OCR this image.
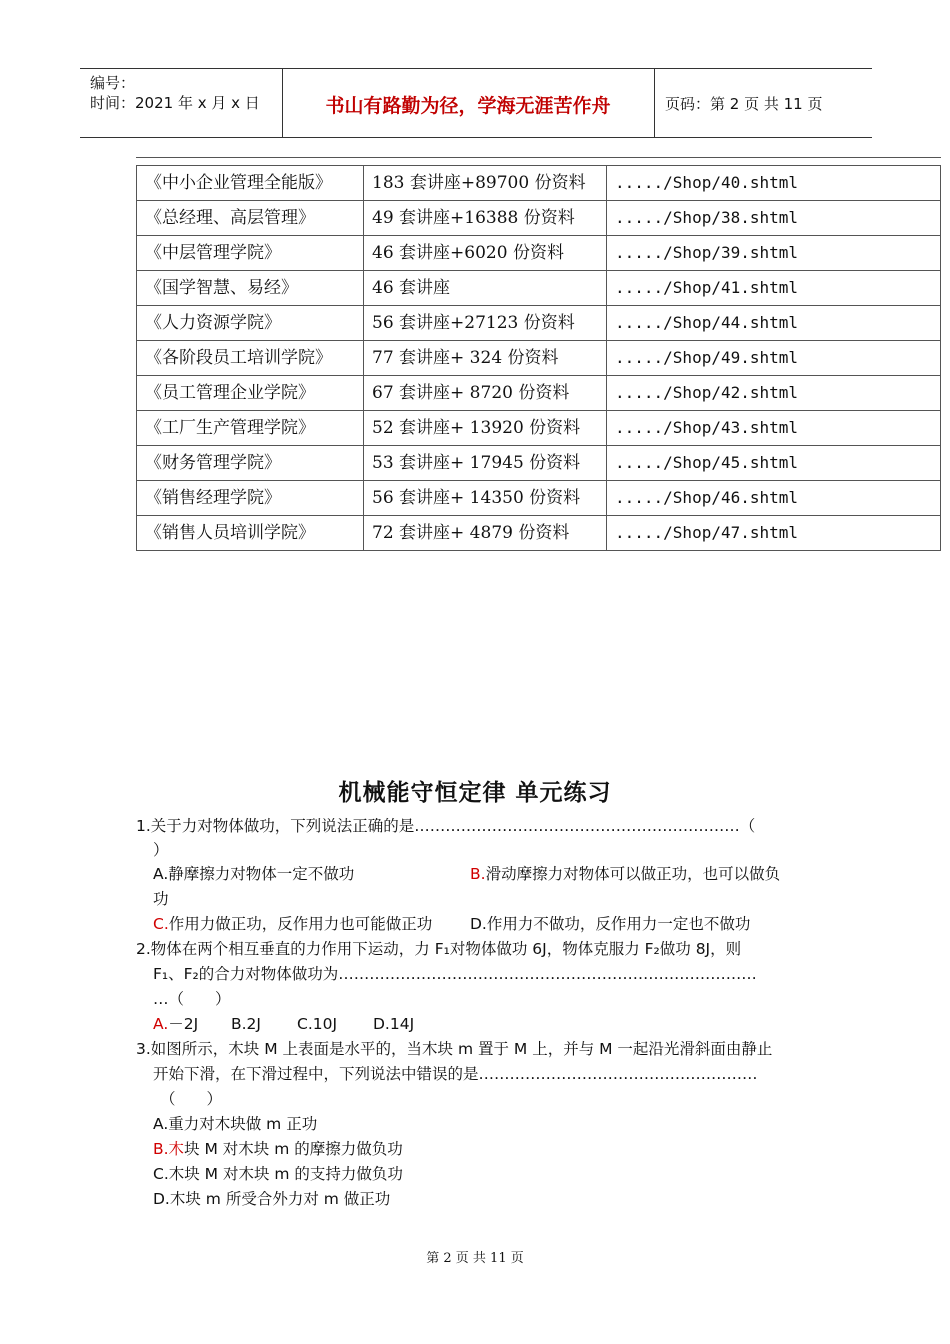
编号：
时间：2021 年 x 月 x 日	书山有路勤为径，学海无涯苦作舟	页码：第 2 页 共 11 页
《中小企业管理全能版》	183 套讲座+89700 份资料	...../Shop/40.shtml

《总经理、高层管理》	49 套讲座+16388 份资料	...../Shop/38.shtml

《中层管理学院》	46 套讲座+6020 份资料	...../Shop/39.shtml

《国学智慧、易经》	46 套讲座	...../Shop/41.shtml

《人力资源学院》	56 套讲座+27123 份资料	...../Shop/44.shtml

《各阶段员工培训学院》	77 套讲座+ 324 份资料	...../Shop/49.shtml

《员工管理企业学院》	67 套讲座+ 8720 份资料	...../Shop/42.shtml

《工厂生产管理学院》	52 套讲座+ 13920 份资料	...../Shop/43.shtml

《财务管理学院》	53 套讲座+ 17945 份资料	...../Shop/45.shtml

《销售经理学院》	56 套讲座+ 14350 份资料	...../Shop/46.shtml

《销售人员培训学院》	72 套讲座+ 4879 份资料	...../Shop/47.shtml
机械能守恒定律 单元练习
1.关于力对物体做功，下列说法正确的是………………………………………………………（
）
A.静摩擦力对物体一定不做功	B.滑动摩擦力对物体可以做正功，也可以做负
功
C.作用力做正功，反作用力也可能做正功 D.作用力不做功，反作用力一定也不做功
2.物体在两个相互垂直的力作用下运动，力 F₁对物体做功 6J，物体克服力 F₂做功 8J，则
F₁、F₂的合力对物体做功为………………………………………………………………………
…（　　）
A.－2J B.2J C.10J D.14J
3.如图所示，木块 M 上表面是水平的，当木块 m 置于 M 上，并与 M 一起沿光滑斜面由静止
开始下滑，在下滑过程中，下列说法中错误的是………………………………………………
（　　）
A.重力对木块做 m 正功
B.木块 M 对木块 m 的摩擦力做负功
C.木块 M 对木块 m 的支持力做负功
D.木块 m 所受合外力对 m 做正功
第 2 页 共 11 页
